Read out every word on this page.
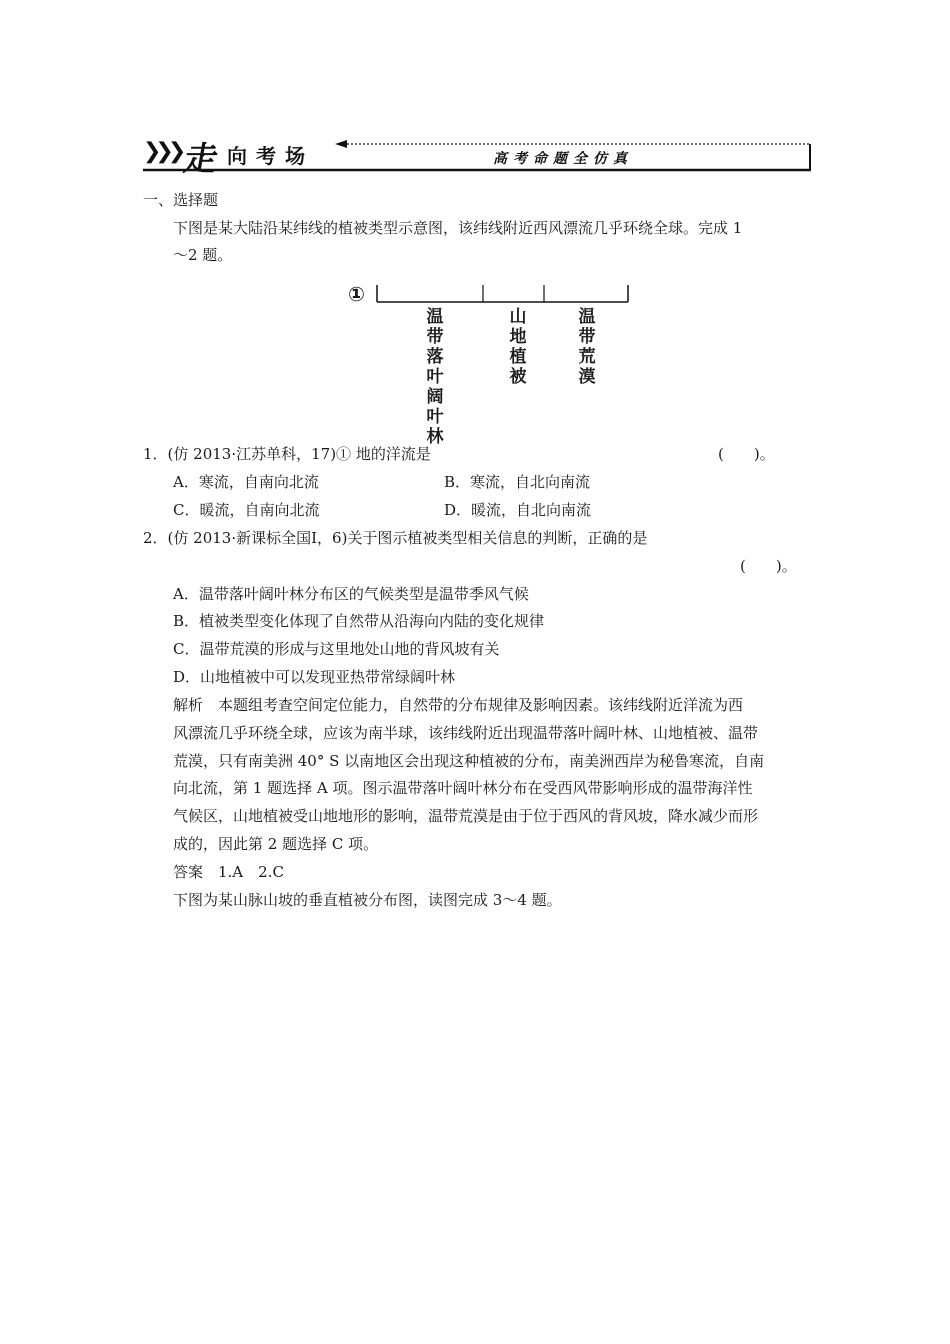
❯❯❯ 走 向考场	高考命题全仿真
一、选择题
下图是某大陆沿某纬线的植被类型示意图，该纬线附近西风漂流几乎环绕全球。完成 1
～2 题。
①
温带落叶阔叶林
山地植被
温带荒漠
1．(仿 2013·江苏单科，17)① 地的洋流是	(　　)。
A．寒流，自南向北流	B．寒流，自北向南流
C．暖流，自南向北流	D．暖流，自北向南流
2．(仿 2013·新课标全国Ⅰ，6)关于图示植被类型相关信息的判断，正确的是
(　　)。
A．温带落叶阔叶林分布区的气候类型是温带季风气候
B．植被类型变化体现了自然带从沿海向内陆的变化规律
C．温带荒漠的形成与这里地处山地的背风坡有关
D．山地植被中可以发现亚热带常绿阔叶林
解析　本题组考查空间定位能力，自然带的分布规律及影响因素。该纬线附近洋流为西
风漂流几乎环绕全球，应该为南半球，该纬线附近出现温带落叶阔叶林、山地植被、温带
荒漠，只有南美洲 40° S 以南地区会出现这种植被的分布，南美洲西岸为秘鲁寒流，自南
向北流，第 1 题选择 A 项。图示温带落叶阔叶林分布在受西风带影响形成的温带海洋性
气候区，山地植被受山地地形的影响，温带荒漠是由于位于西风的背风坡，降水减少而形
成的，因此第 2 题选择 C 项。
答案　1.A　2.C
下图为某山脉山坡的垂直植被分布图，读图完成 3～4 题。
